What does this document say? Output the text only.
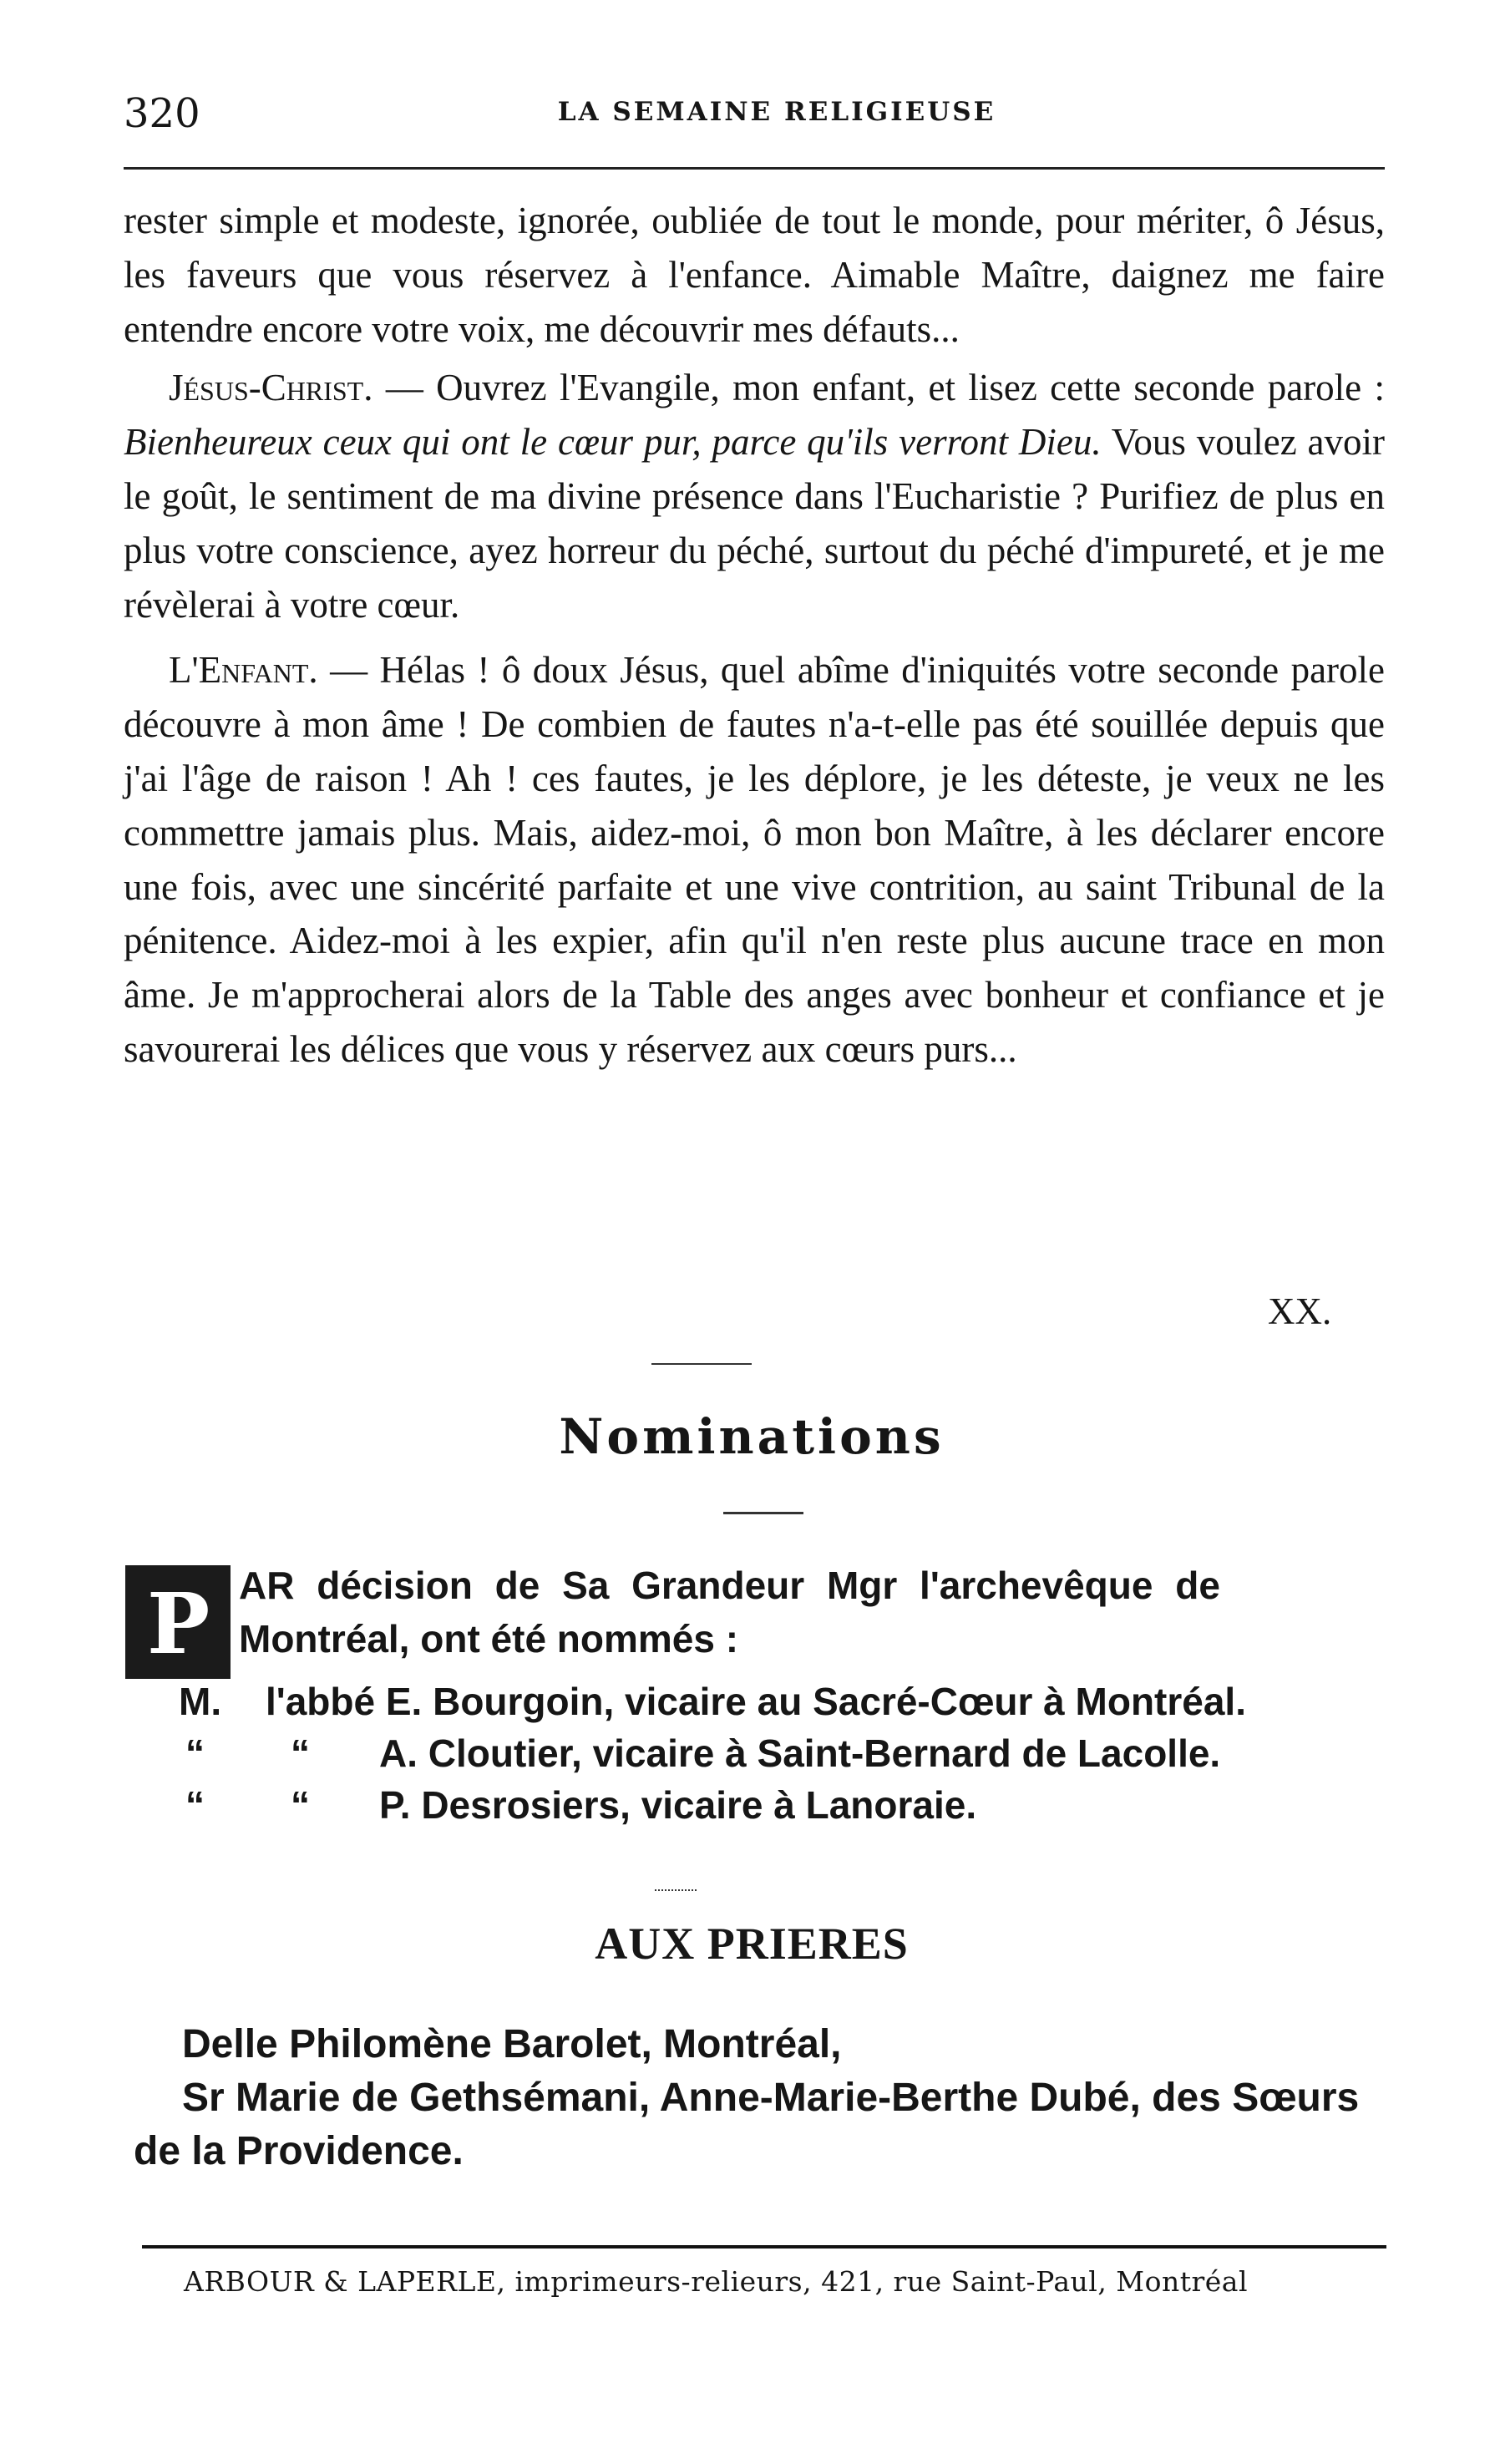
320	LA SEMAINE RELIGIEUSE

rester simple et modeste, ignorée, oubliée de tout le monde, pour mériter, ô Jésus, les faveurs que vous réservez à l'enfance. Aimable Maître, daignez me faire entendre encore votre voix, me découvrir mes défauts...

Jésus-Christ. — Ouvrez l'Evangile, mon enfant, et lisez cette seconde parole : Bienheureux ceux qui ont le cœur pur, parce qu'ils verront Dieu. Vous voulez avoir le goût, le sentiment de ma divine présence dans l'Eucharistie ? Purifiez de plus en plus votre conscience, ayez horreur du péché, surtout du péché d'impureté, et je me révèlerai à votre cœur.

L'Enfant. — Hélas ! ô doux Jésus, quel abîme d'iniquités votre seconde parole découvre à mon âme ! De combien de fautes n'a-t-elle pas été souillée depuis que j'ai l'âge de raison ! Ah ! ces fautes, je les déplore, je les déteste, je veux ne les commettre jamais plus. Mais, aidez-moi, ô mon bon Maître, à les déclarer encore une fois, avec une sincérité parfaite et une vive contrition, au saint Tribunal de la pénitence. Aidez-moi à les expier, afin qu'il n'en reste plus aucune trace en mon âme. Je m'approcherai alors de la Table des anges avec bonheur et confiance et je savourerai les délices que vous y réservez aux cœurs purs...

XX.
Nominations
P AR décision de Sa Grandeur Mgr l'archevêque de
Montréal, ont été nommés :
M. l'abbé E. Bourgoin, vicaire au Sacré-Cœur à Montréal.
“ “ A. Cloutier, vicaire à Saint-Bernard de Lacolle.
“ “ P. Desrosiers, vicaire à Lanoraie.
AUX PRIERES
Delle Philomène Barolet, Montréal,
Sr Marie de Gethsémani, Anne-Marie-Berthe Dubé, des Sœurs
de la Providence.
ARBOUR & LAPERLE, imprimeurs-relieurs, 421, rue Saint-Paul, Montréal
